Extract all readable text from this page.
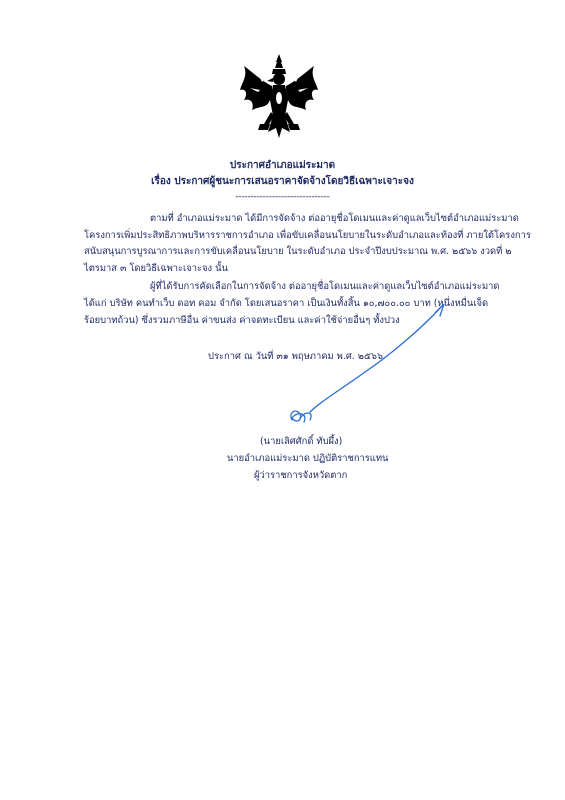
ประกาศอำเภอแม่ระมาด
เรื่อง ประกาศผู้ชนะการเสนอราคาจัดจ้างโดยวิธีเฉพาะเจาะจง
-------------------------------
ตามที่ อำเภอแม่ระมาด ได้มีการจัดจ้าง ต่ออายุชื่อโดเมนและค่าดูแลเว็บไซต์อำเภอแม่ระมาด
โครงการเพิ่มประสิทธิภาพบริหารราชการอำเภอ เพื่อขับเคลื่อนนโยบายในระดับอำเภอและท้องที่ ภายใต้โครงการ
สนับสนุนการบูรณาการและการขับเคลื่อนนโยบาย ในระดับอำเภอ ประจำปีงบประมาณ พ.ศ. ๒๕๖๖ งวดที่ ๒
ไตรมาส ๓ โดยวิธีเฉพาะเจาะจง นั้น
ผู้ที่ได้รับการคัดเลือกในการจัดจ้าง ต่ออายุชื่อโดเมนและค่าดูแลเว็บไซต์อำเภอแม่ระมาด
ได้แก่ บริษัท คนทำเว็บ ดอท คอม จำกัด โดยเสนอราคา เป็นเงินทั้งสิ้น ๑๐,๗๐๐.๐๐ บาท (หนึ่งหมื่นเจ็ด
ร้อยบาทถ้วน) ซึ่งรวมภาษีอื่น ค่าขนส่ง ค่าจดทะเบียน และค่าใช้จ่ายอื่นๆ ทั้งปวง
ประกาศ ณ วันที่ ๓๑ พฤษภาคม พ.ศ. ๒๕๖๖
(นายเลิศศักดิ์ ทับผึ้ง)
นายอำเภอแม่ระมาด ปฏิบัติราชการแทน
ผู้ว่าราชการจังหวัดตาก
